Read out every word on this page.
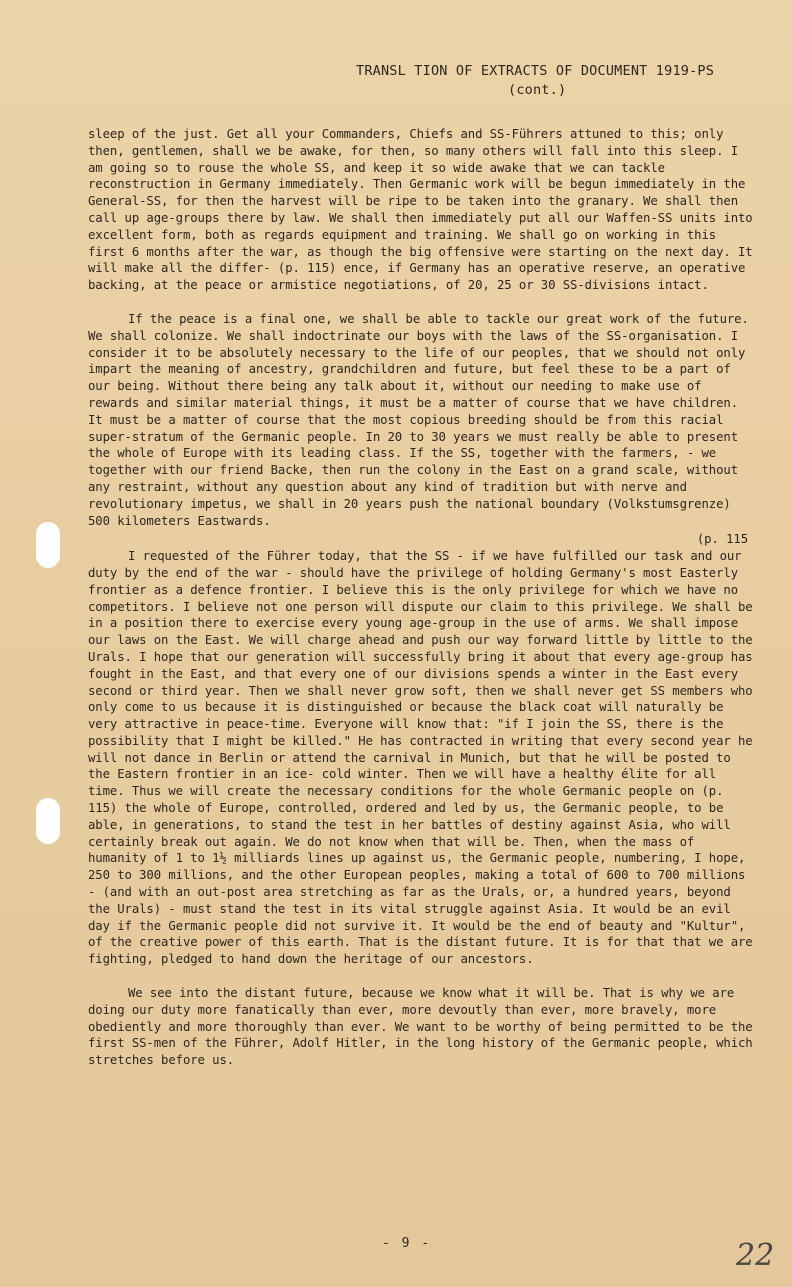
TRANSL TION OF EXTRACTS OF DOCUMENT 1919-PS
(cont.)

sleep of the just. Get all your Commanders, Chiefs and SS-Führers attuned to this; only then, gentlemen, shall we be awake, for then, so many others will fall into this sleep. I am going so to rouse the whole SS, and keep it so wide awake that we can tackle reconstruction in Germany immediately. Then Germanic work will be begun immediately in the General-SS, for then the harvest will be ripe to be taken into the granary. We shall then call up age-groups there by law. We shall then immediately put all our Waffen-SS units into excellent form, both as regards equipment and training. We shall go on working in this first 6 months after the war, as though the big offensive were starting on the next day. It will make all the differ- (p. 115) ence, if Germany has an operative reserve, an operative backing, at the peace or armistice negotiations, of 20, 25 or 30 SS-divisions intact.

If the peace is a final one, we shall be able to tackle our great work of the future. We shall colonize. We shall indoctrinate our boys with the laws of the SS-organisation. I consider it to be absolutely necessary to the life of our peoples, that we should not only impart the meaning of ancestry, grandchildren and future, but feel these to be a part of our being. Without there being any talk about it, without our needing to make use of rewards and similar material things, it must be a matter of course that we have children. It must be a matter of course that the most copious breeding should be from this racial super-stratum of the Germanic people. In 20 to 30 years we must really be able to present the whole of Europe with its leading class. If the SS, together with the farmers, - we together with our friend Backe, then run the colony in the East on a grand scale, without any restraint, without any question about any kind of tradition but with nerve and revolutionary impetus, we shall in 20 years push the national boundary (Volkstumsgrenze) 500 kilometers Eastwards.

(p. 115

I requested of the Führer today, that the SS - if we have fulfilled our task and our duty by the end of the war - should have the privilege of holding Germany's most Easterly frontier as a defence frontier. I believe this is the only privilege for which we have no competitors. I believe not one person will dispute our claim to this privilege. We shall be in a position there to exercise every young age-group in the use of arms. We shall impose our laws on the East. We will charge ahead and push our way forward little by little to the Urals. I hope that our generation will successfully bring it about that every age-group has fought in the East, and that every one of our divisions spends a winter in the East every second or third year. Then we shall never grow soft, then we shall never get SS members who only come to us because it is distinguished or because the black coat will naturally be very attractive in peace-time. Everyone will know that: "if I join the SS, there is the possibility that I might be killed." He has contracted in writing that every second year he will not dance in Berlin or attend the carnival in Munich, but that he will be posted to the Eastern frontier in an ice- cold winter. Then we will have a healthy élite for all time. Thus we will create the necessary conditions for the whole Germanic people on (p. 115) the whole of Europe, controlled, ordered and led by us, the Germanic people, to be able, in generations, to stand the test in her battles of destiny against Asia, who will certainly break out again. We do not know when that will be. Then, when the mass of humanity of 1 to 1½ milliards lines up against us, the Germanic people, numbering, I hope, 250 to 300 millions, and the other European peoples, making a total of 600 to 700 millions - (and with an out-post area stretching as far as the Urals, or, a hundred years, beyond the Urals) - must stand the test in its vital struggle against Asia. It would be an evil day if the Germanic people did not survive it. It would be the end of beauty and "Kultur", of the creative power of this earth. That is the distant future. It is for that that we are fighting, pledged to hand down the heritage of our ancestors.

We see into the distant future, because we know what it will be. That is why we are doing our duty more fanatically than ever, more devoutly than ever, more bravely, more obediently and more thoroughly than ever. We want to be worthy of being permitted to be the first SS-men of the Führer, Adolf Hitler, in the long history of the Germanic people, which stretches before us.

- 9 -	22
